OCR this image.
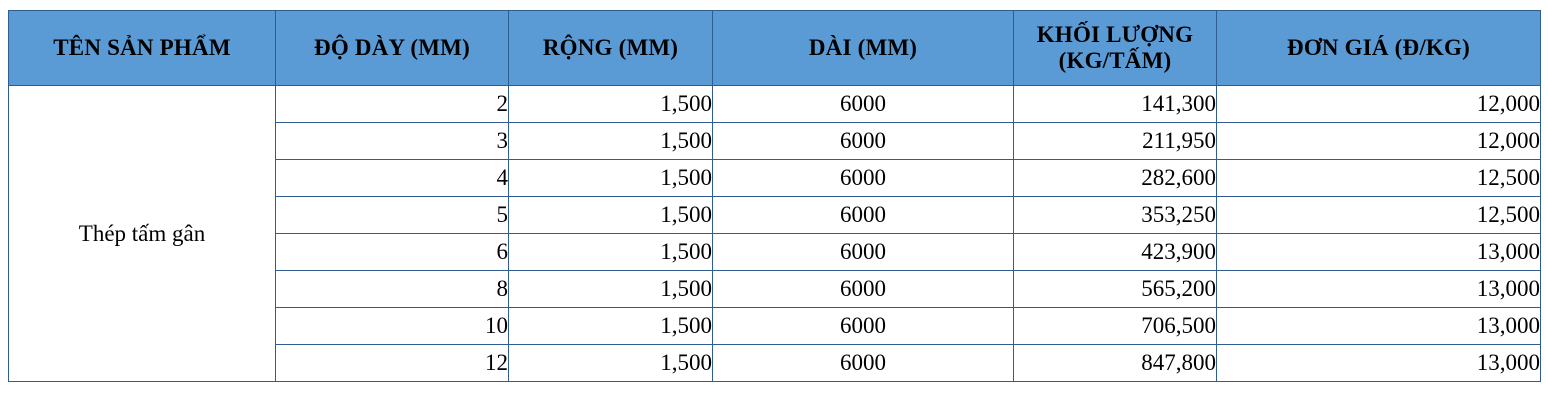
TÊN SẢN PHẨM	ĐỘ DÀY (MM)	RỘNG (MM)	DÀI (MM)	KHỐI LƯỢNG
(KG/TẤM)	ĐƠN GIÁ (Đ/KG)

Thép tấm gân	2	1,500	6000	141,300	12,000
	3	1,500	6000	211,950	12,000
	4	1,500	6000	282,600	12,500
	5	1,500	6000	353,250	12,500
	6	1,500	6000	423,900	13,000
	8	1,500	6000	565,200	13,000
	10	1,500	6000	706,500	13,000
	12	1,500	6000	847,800	13,000
